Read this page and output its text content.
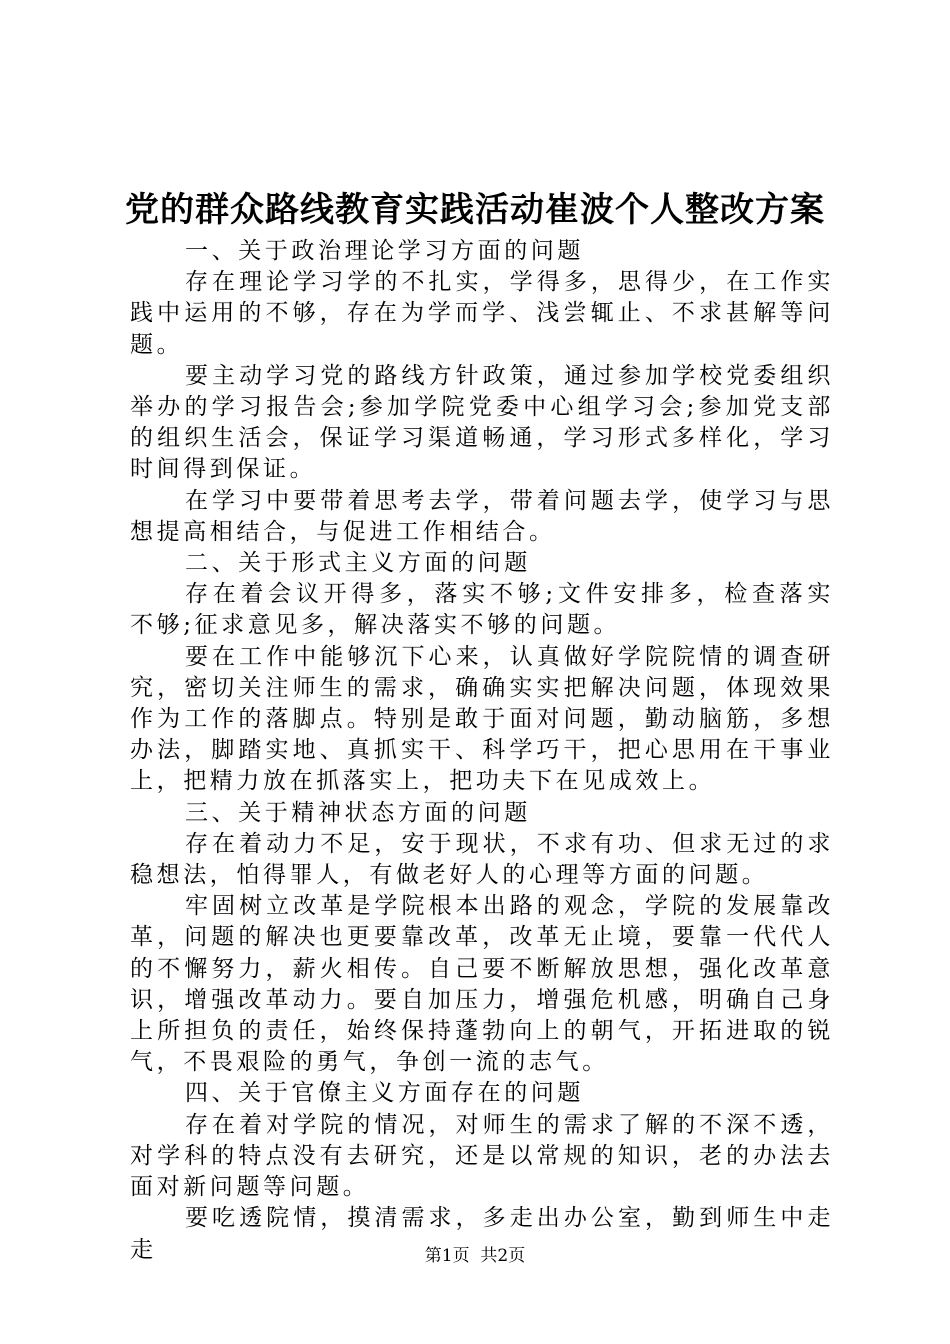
党的群众路线教育实践活动崔波个人整改方案

一、关于政治理论学习方面的问题

存在理论学习学的不扎实，学得多，思得少，在工作实践中运用的不够，存在为学而学、浅尝辄止、不求甚解等问题。

要主动学习党的路线方针政策，通过参加学校党委组织举办的学习报告会;参加学院党委中心组学习会;参加党支部的组织生活会，保证学习渠道畅通，学习形式多样化，学习时间得到保证。

在学习中要带着思考去学，带着问题去学，使学习与思想提高相结合，与促进工作相结合。

二、关于形式主义方面的问题

存在着会议开得多，落实不够;文件安排多，检查落实不够;征求意见多，解决落实不够的问题。

要在工作中能够沉下心来，认真做好学院院情的调查研究，密切关注师生的需求，确确实实把解决问题，体现效果作为工作的落脚点。特别是敢于面对问题，勤动脑筋，多想办法，脚踏实地、真抓实干、科学巧干，把心思用在干事业上，把精力放在抓落实上，把功夫下在见成效上。

三、关于精神状态方面的问题

存在着动力不足，安于现状，不求有功、但求无过的求稳想法，怕得罪人，有做老好人的心理等方面的问题。

牢固树立改革是学院根本出路的观念，学院的发展靠改革，问题的解决也更要靠改革，改革无止境，要靠一代代人的不懈努力，薪火相传。自己要不断解放思想，强化改革意识，增强改革动力。要自加压力，增强危机感，明确自己身上所担负的责任，始终保持蓬勃向上的朝气，开拓进取的锐气，不畏艰险的勇气，争创一流的志气。

四、关于官僚主义方面存在的问题

存在着对学院的情况，对师生的需求了解的不深不透，对学科的特点没有去研究，还是以常规的知识，老的办法去面对新问题等问题。

要吃透院情，摸清需求，多走出办公室，勤到师生中走走	第1页  共2页
